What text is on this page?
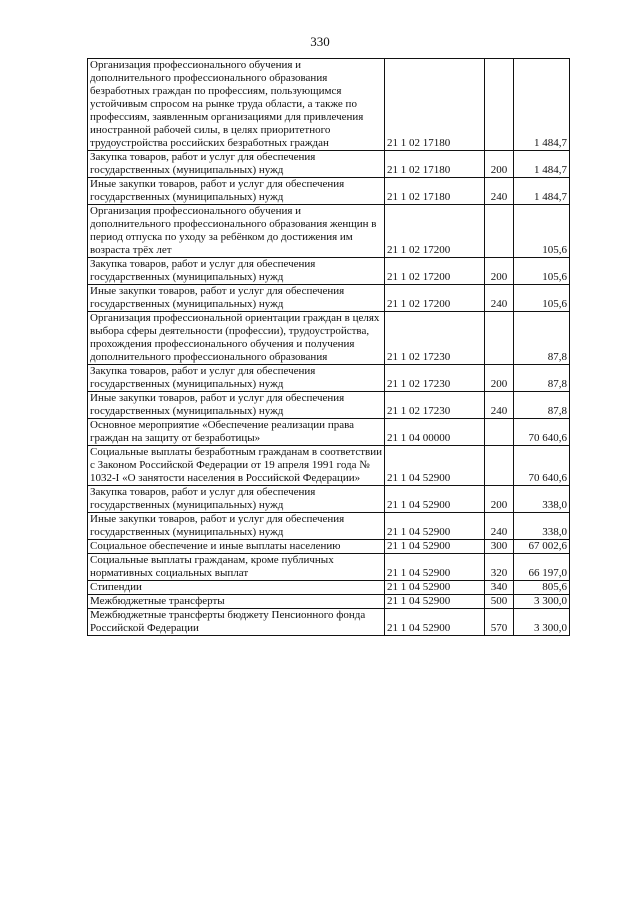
330
Организация профессионального обучения и дополнительного профессионального образования безработных граждан по профессиям, пользующимся устойчивым спросом на рынке труда области, а также по профессиям, заявленным организациями для привлечения иностранной рабочей силы, в целях приоритетного трудоустройства российских безработных граждан	21 1 02 17180		1 484,7
Закупка товаров, работ и услуг для обеспечения государственных (муниципальных) нужд	21 1 02 17180	200	1 484,7
Иные закупки товаров, работ и услуг для обеспечения государственных (муниципальных) нужд	21 1 02 17180	240	1 484,7
Организация профессионального обучения и дополнительного профессионального образования женщин в период отпуска по уходу за ребёнком до достижения им возраста трёх лет	21 1 02 17200		105,6
Закупка товаров, работ и услуг для обеспечения государственных (муниципальных) нужд	21 1 02 17200	200	105,6
Иные закупки товаров, работ и услуг для обеспечения государственных (муниципальных) нужд	21 1 02 17200	240	105,6
Организация профессиональной ориентации граждан в целях выбора сферы деятельности (профессии), трудоустройства, прохождения профессионального обучения и получения дополнительного профессионального образования	21 1 02 17230		87,8
Закупка товаров, работ и услуг для обеспечения государственных (муниципальных) нужд	21 1 02 17230	200	87,8
Иные закупки товаров, работ и услуг для обеспечения государственных (муниципальных) нужд	21 1 02 17230	240	87,8
Основное мероприятие «Обеспечение реализации права граждан на защиту от безработицы»	21 1 04 00000		70 640,6
Социальные выплаты безработным гражданам в соответствии с Законом Российской Федерации от 19 апреля 1991 года № 1032-I «О занятости населения в Российской Федерации»	21 1 04 52900		70 640,6
Закупка товаров, работ и услуг для обеспечения государственных (муниципальных) нужд	21 1 04 52900	200	338,0
Иные закупки товаров, работ и услуг для обеспечения государственных (муниципальных) нужд	21 1 04 52900	240	338,0
Социальное обеспечение и иные выплаты населению	21 1 04 52900	300	67 002,6
Социальные выплаты гражданам, кроме публичных нормативных социальных выплат	21 1 04 52900	320	66 197,0
Стипендии	21 1 04 52900	340	805,6
Межбюджетные трансферты	21 1 04 52900	500	3 300,0
Межбюджетные трансферты бюджету Пенсионного фонда Российской Федерации	21 1 04 52900	570	3 300,0
